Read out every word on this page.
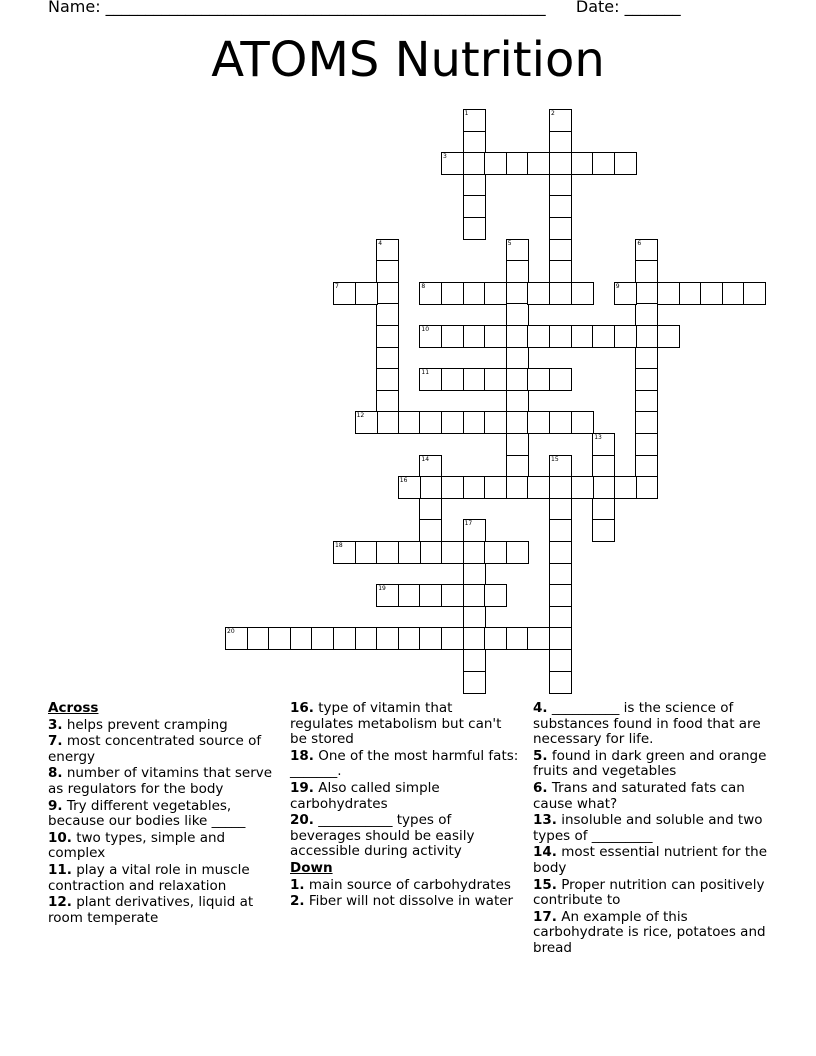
Name: _______________________________________________________ Date: _______
ATOMS Nutrition
1	2
3
4	5	6
7	8	9
10
11
12
13
14	15
16
17
18
19
20
Across

3. helps prevent cramping

7. most concentrated source of energy

8. number of vitamins that serve as regulators for the body

9. Try different vegetables, because our bodies like _____

10. two types, simple and complex

11. play a vital role in muscle contraction and relaxation

12. plant derivatives, liquid at room temperate

16. type of vitamin that regulates metabolism but can't be stored

18. One of the most harmful fats: _______.

19. Also called simple carbohydrates

20. ___________ types of beverages should be easily accessible during activity

Down

1. main source of carbohydrates

2. Fiber will not dissolve in water

4. __________ is the science of substances found in food that are necessary for life.

5. found in dark green and orange fruits and vegetables

6. Trans and saturated fats can cause what?

13. insoluble and soluble and two types of _________

14. most essential nutrient for the body

15. Proper nutrition can positively contribute to

17. An example of this carbohydrate is rice, potatoes and bread
